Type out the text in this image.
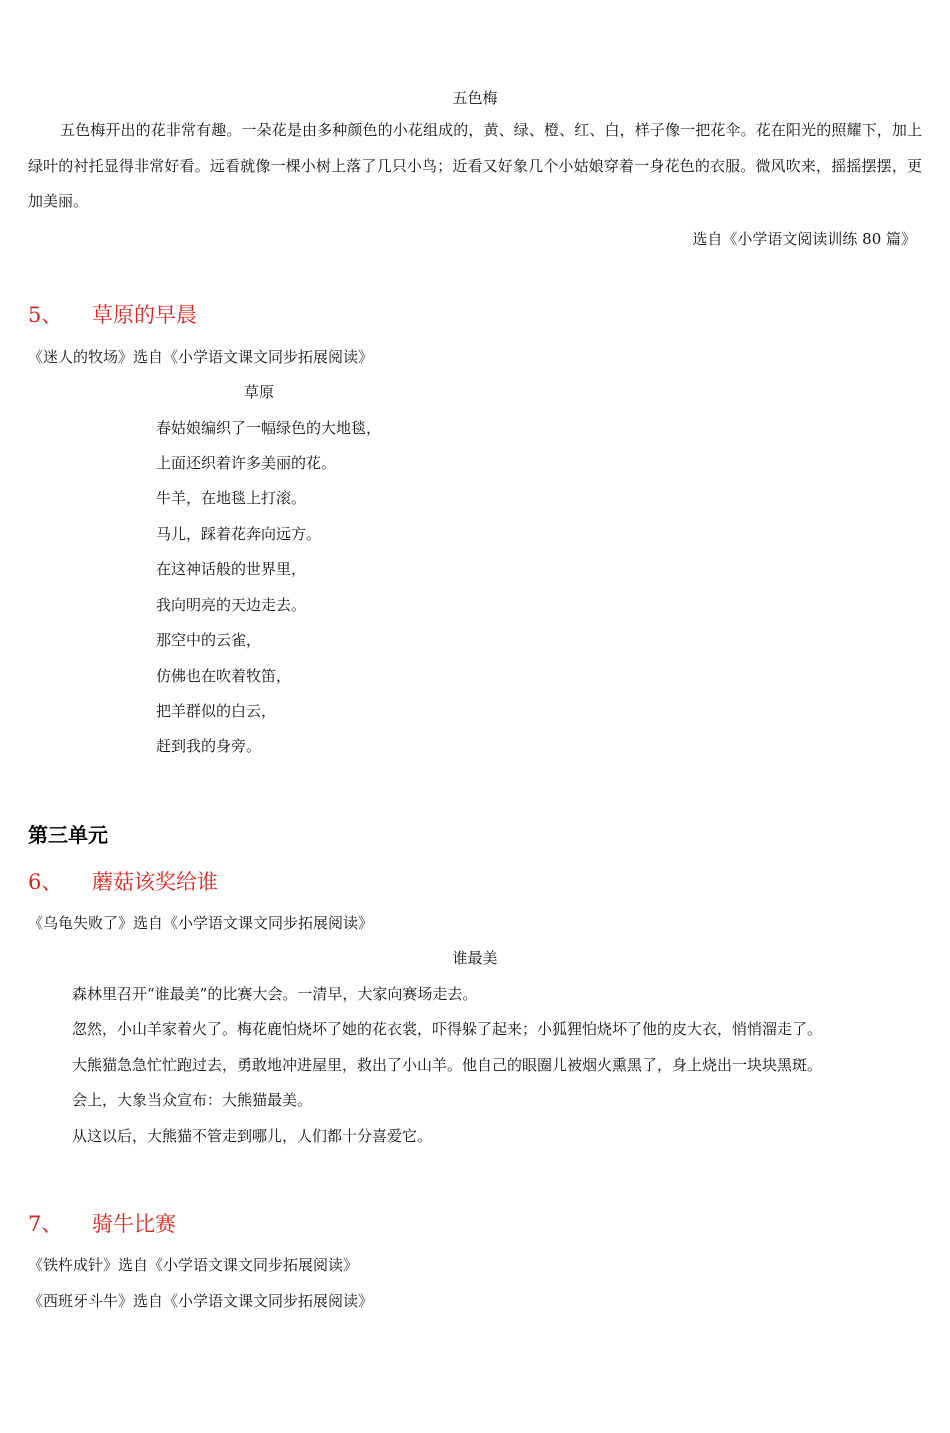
五色梅
五色梅开出的花非常有趣。一朵花是由多种颜色的小花组成的，黄、绿、橙、红、白，样子像一把花伞。花在阳光的照耀下，加上绿叶的衬托显得非常好看。远看就像一棵小树上落了几只小鸟；近看又好象几个小姑娘穿着一身花色的衣服。微风吹来，摇摇摆摆，更加美丽。
选自《小学语文阅读训练 80 篇》
5、 草原的早晨
《迷人的牧场》选自《小学语文课文同步拓展阅读》
草原
春姑娘编织了一幅绿色的大地毯，
上面还织着许多美丽的花。
牛羊，在地毯上打滚。
马儿，踩着花奔向远方。
在这神话般的世界里，
我向明亮的天边走去。
那空中的云雀，
仿佛也在吹着牧笛，
把羊群似的白云，
赶到我的身旁。
第三单元
6、 蘑菇该奖给谁
《乌龟失败了》选自《小学语文课文同步拓展阅读》
谁最美
森林里召开“谁最美”的比赛大会。一清早，大家向赛场走去。
忽然，小山羊家着火了。梅花鹿怕烧坏了她的花衣裳，吓得躲了起来；小狐狸怕烧坏了他的皮大衣，悄悄溜走了。
大熊猫急急忙忙跑过去，勇敢地冲进屋里，救出了小山羊。他自己的眼圈儿被烟火熏黑了，身上烧出一块块黑斑。
会上，大象当众宣布：大熊猫最美。
从这以后，大熊猫不管走到哪儿，人们都十分喜爱它。
7、 骑牛比赛
《铁杵成针》选自《小学语文课文同步拓展阅读》
《西班牙斗牛》选自《小学语文课文同步拓展阅读》
